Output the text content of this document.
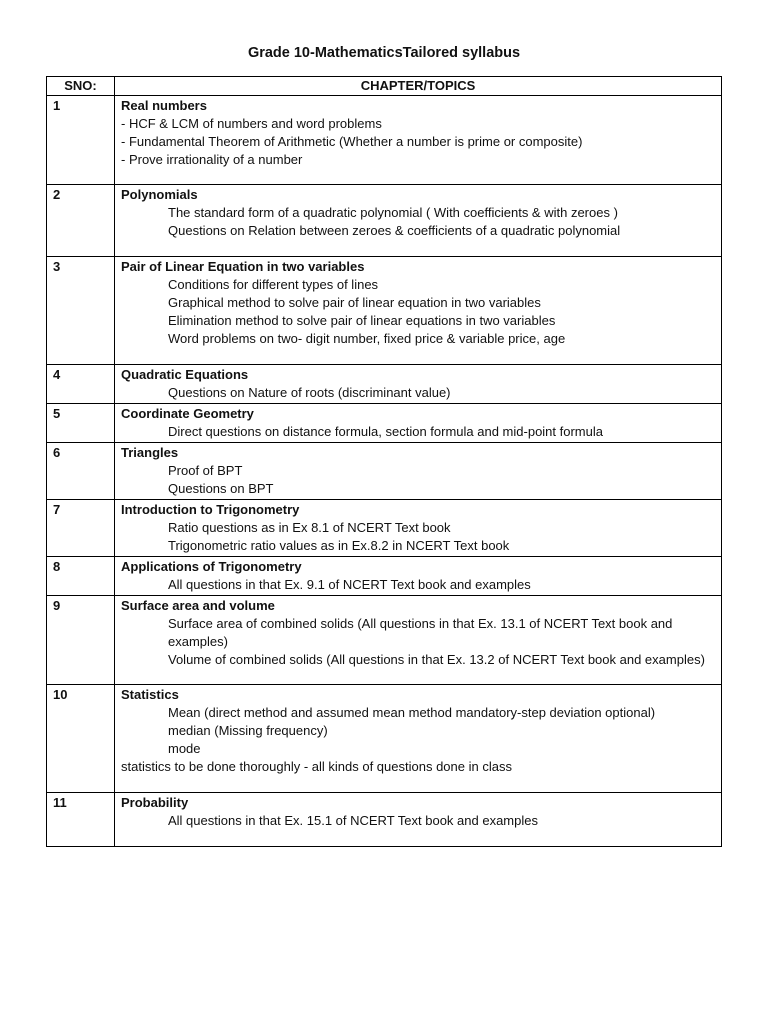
Grade 10-MathematicsTailored syllabus
SNO:	CHAPTER/TOPICS
1	Real numbers
- HCF & LCM of numbers and word problems
- Fundamental Theorem of Arithmetic (Whether a number is prime or composite)
- Prove irrationality of a number

2	Polynomials
The standard form of a quadratic polynomial ( With coefficients & with zeroes )
Questions on Relation between zeroes & coefficients of a quadratic polynomial

3	Pair of Linear Equation in two variables
Conditions for different types of lines
Graphical method to solve pair of linear equation in two variables
Elimination method to solve pair of linear equations in two variables
Word problems on two- digit number, fixed price & variable price, age

4	Quadratic Equations
Questions on Nature of roots (discriminant value)

5	Coordinate Geometry
Direct questions on distance formula, section formula and mid-point formula

6	Triangles
Proof of BPT
Questions on BPT

7	Introduction to Trigonometry
Ratio questions as in Ex 8.1 of NCERT Text book
Trigonometric ratio values as in Ex.8.2 in NCERT Text book

8	Applications of Trigonometry
All questions in that Ex. 9.1 of NCERT Text book and examples

9	Surface area and volume
Surface area of combined solids (All questions in that Ex. 13.1 of NCERT Text book and examples)
Volume of combined solids (All questions in that Ex. 13.2 of NCERT Text book and examples)

10	Statistics
Mean (direct method and assumed mean method mandatory-step deviation optional)
median (Missing frequency)
mode
statistics to be done thoroughly - all kinds of questions done in class

11	Probability
All questions in that Ex. 15.1 of NCERT Text book and examples
